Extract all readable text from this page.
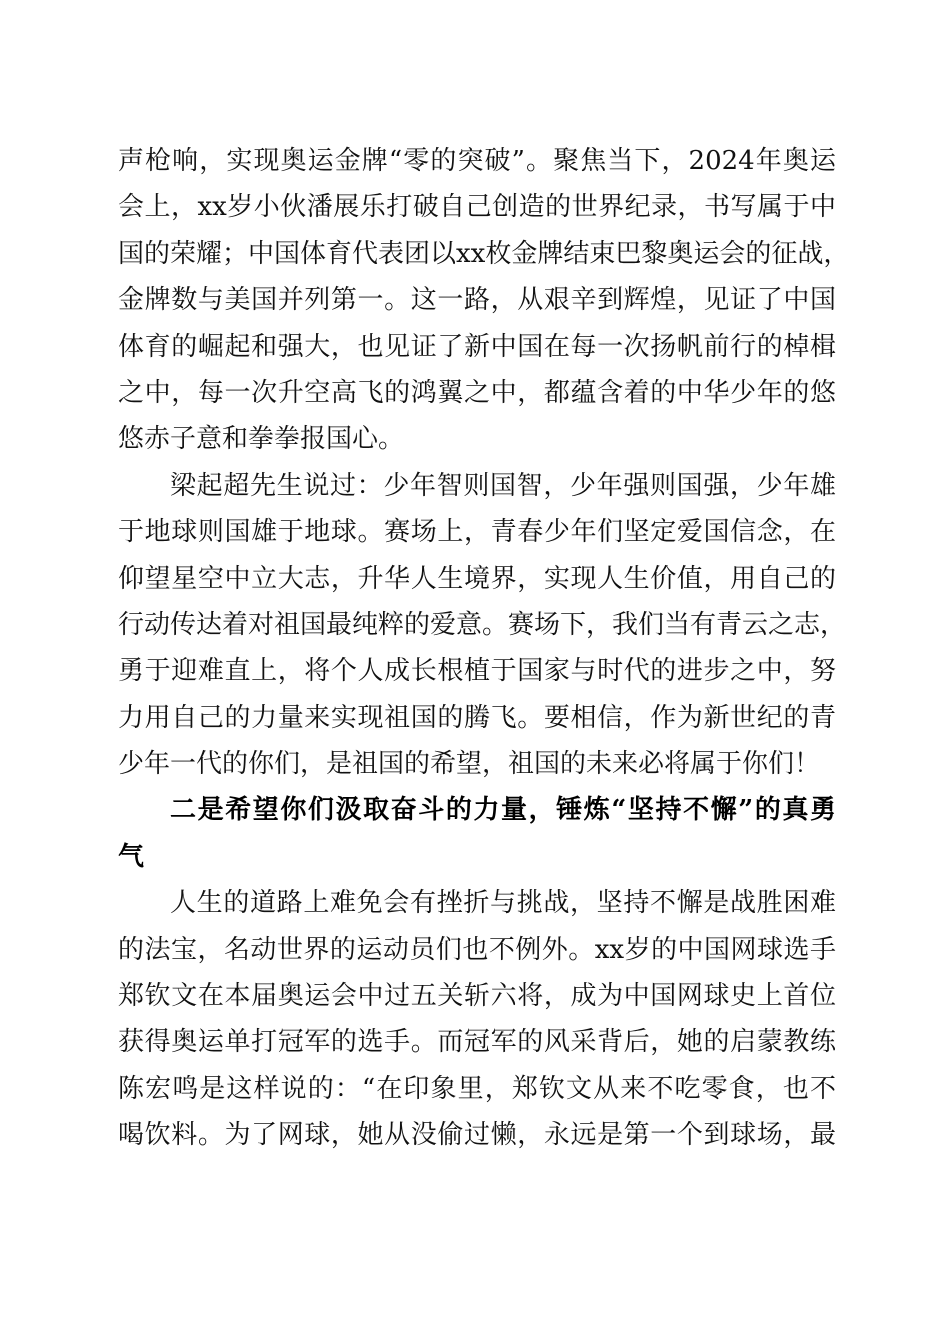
声枪响，实现奥运金牌“零的突破”。聚焦当下，2024年奥运
会上，xx岁小伙潘展乐打破自己创造的世界纪录，书写属于中
国的荣耀；中国体育代表团以xx枚金牌结束巴黎奥运会的征战，
金牌数与美国并列第一。这一路，从艰辛到辉煌，见证了中国
体育的崛起和强大，也见证了新中国在每一次扬帆前行的棹楫
之中，每一次升空高飞的鸿翼之中，都蕴含着的中华少年的悠
悠赤子意和拳拳报国心。
梁起超先生说过：少年智则国智，少年强则国强，少年雄
于地球则国雄于地球。赛场上，青春少年们坚定爱国信念，在
仰望星空中立大志，升华人生境界，实现人生价值，用自己的
行动传达着对祖国最纯粹的爱意。赛场下，我们当有青云之志，
勇于迎难直上，将个人成长根植于国家与时代的进步之中，努
力用自己的力量来实现祖国的腾飞。要相信，作为新世纪的青
少年一代的你们，是祖国的希望，祖国的未来必将属于你们！
二是希望你们汲取奋斗的力量，锤炼“坚持不懈”的真勇
气
人生的道路上难免会有挫折与挑战，坚持不懈是战胜困难
的法宝，名动世界的运动员们也不例外。xx岁的中国网球选手
郑钦文在本届奥运会中过五关斩六将，成为中国网球史上首位
获得奥运单打冠军的选手。而冠军的风采背后，她的启蒙教练
陈宏鸣是这样说的：“在印象里，郑钦文从来不吃零食，也不
喝饮料。为了网球，她从没偷过懒，永远是第一个到球场，最
